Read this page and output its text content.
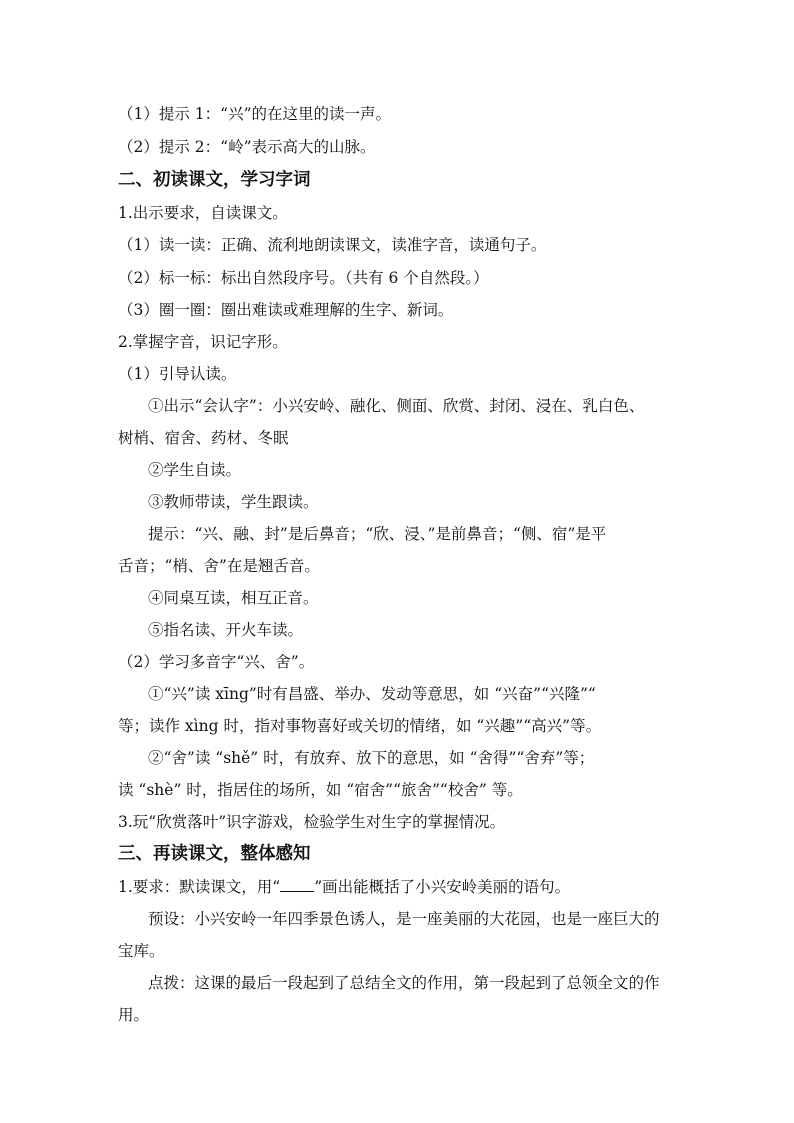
（1）提示 1：“兴”的在这里的读一声。
（2）提示 2：“岭”表示高大的山脉。
二、初读课文，学习字词
1.出示要求，自读课文。
（1）读一读：正确、流利地朗读课文，读准字音，读通句子。
（2）标一标：标出自然段序号。（共有 6 个自然段。）
（3）圈一圈：圈出难读或难理解的生字、新词。
2.掌握字音，识记字形。
（1）引导认读。
①出示“会认字”：小兴安岭、融化、侧面、欣赏、封闭、浸在、乳白色、
树梢、宿舍、药材、冬眠
②学生自读。
③教师带读，学生跟读。
提示：“兴、融、封”是后鼻音；“欣、浸、”是前鼻音；“侧、宿”是平
舌音；“梢、舍”在是翘舌音。
④同桌互读，相互正音。
⑤指名读、开火车读。
（2）学习多音字“兴、舍”。
①“兴”读 xīng”时有昌盛、举办、发动等意思，如 “兴奋”“兴隆”“
等；读作 xìng 时，指对事物喜好或关切的情绪，如 “兴趣”“高兴”等。
②“舍”读 “shě” 时，有放弃、放下的意思，如 “舍得”“舍弃”等；
读 “shè” 时，指居住的场所，如 “宿舍”“旅舍”“校舍” 等。
3.玩“欣赏落叶”识字游戏，检验学生对生字的掌握情况。
三、再读课文，整体感知
1.要求：默读课文，用“ ”画出能概括了小兴安岭美丽的语句。
预设：小兴安岭一年四季景色诱人，是一座美丽的大花园，也是一座巨大的
宝库。
点拨：这课的最后一段起到了总结全文的作用，第一段起到了总领全文的作
用。
